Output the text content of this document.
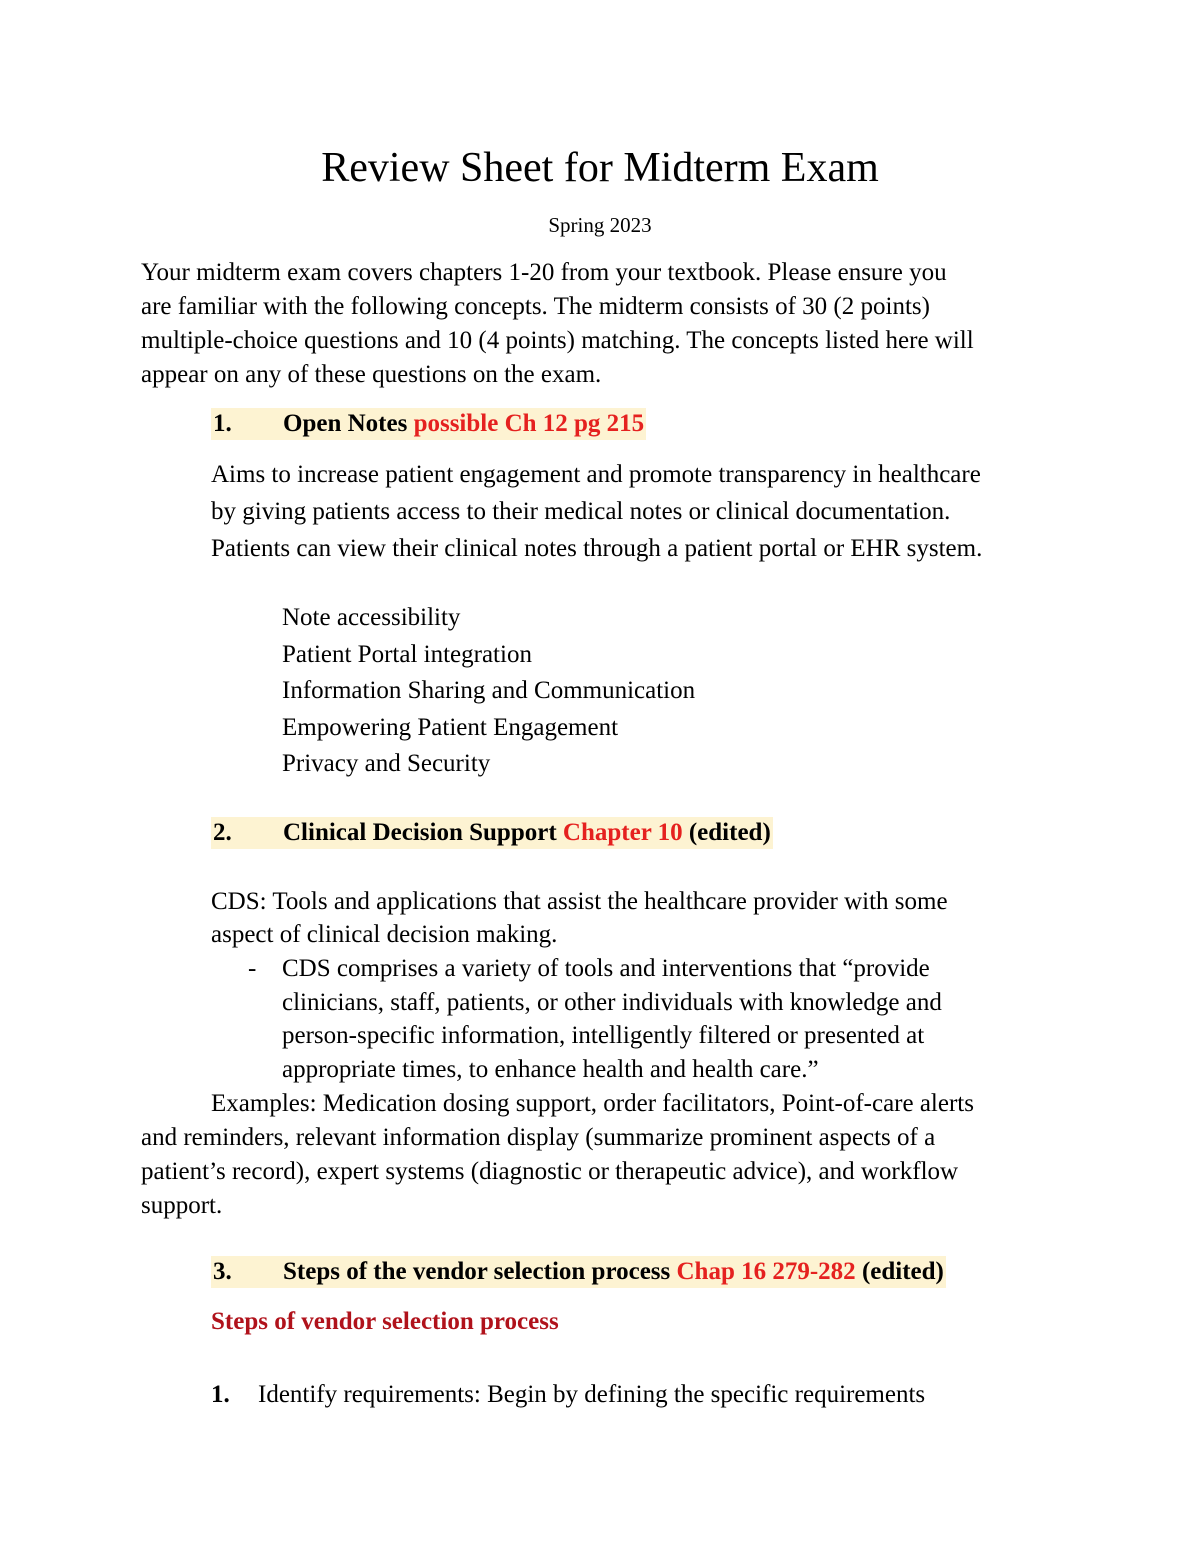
Review Sheet for Midterm Exam
Spring 2023
Your midterm exam covers chapters 1-20 from your textbook. Please ensure you
are familiar with the following concepts. The midterm consists of 30 (2 points)
multiple-choice questions and 10 (4 points) matching. The concepts listed here will
appear on any of these questions on the exam.
1. Open Notes possible Ch 12 pg 215
Aims to increase patient engagement and promote transparency in healthcare
by giving patients access to their medical notes or clinical documentation.
Patients can view their clinical notes through a patient portal or EHR system.
Note accessibility
Patient Portal integration
Information Sharing and Communication
Empowering Patient Engagement
Privacy and Security
2. Clinical Decision Support Chapter 10 (edited)
CDS: Tools and applications that assist the healthcare provider with some
aspect of clinical decision making.
- CDS comprises a variety of tools and interventions that “provide
clinicians, staff, patients, or other individuals with knowledge and
person-specific information, intelligently filtered or presented at
appropriate times, to enhance health and health care.”
Examples: Medication dosing support, order facilitators, Point-of-care alerts
and reminders, relevant information display (summarize prominent aspects of a
patient’s record), expert systems (diagnostic or therapeutic advice), and workflow
support.
3. Steps of the vendor selection process Chap 16 279-282 (edited)
Steps of vendor selection process
1. Identify requirements: Begin by defining the specific requirements
